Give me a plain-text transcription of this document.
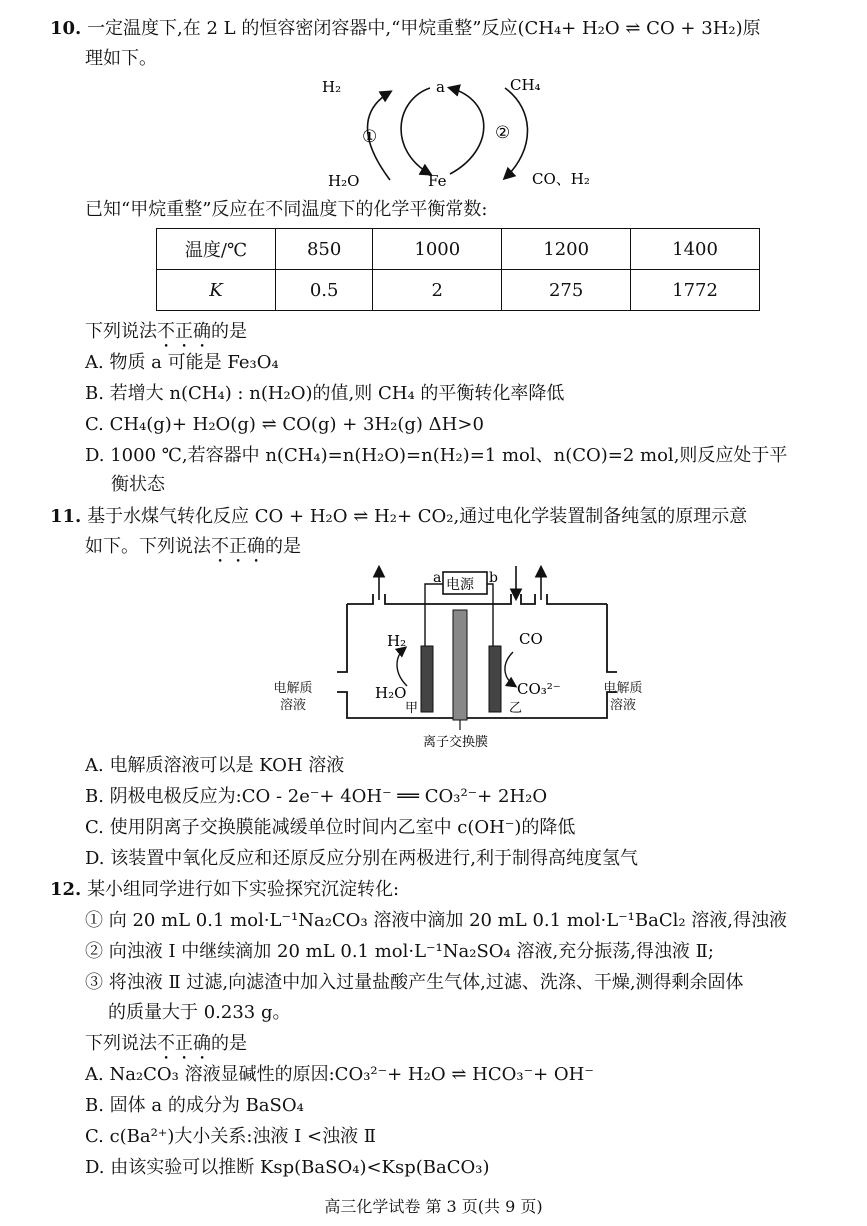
10. 一定温度下,在 2 L 的恒容密闭容器中,“甲烷重整”反应(CH₄+ H₂O ⇌ CO + 3H₂)原
理如下。
H₂	a	CH₄
①	②
H₂O	Fe	CO、H₂
已知“甲烷重整”反应在不同温度下的化学平衡常数:
温度/℃	850	1000	1200	1400
K	0.5	2	275	1772
下列说法不正确的是
A. 物质 a 可能是 Fe₃O₄
B. 若增大 n(CH₄) : n(H₂O)的值,则 CH₄ 的平衡转化率降低
C. CH₄(g)+ H₂O(g) ⇌ CO(g) + 3H₂(g) ΔH>0
D. 1000 ℃,若容器中 n(CH₄)=n(H₂O)=n(H₂)=1 mol、n(CO)=2 mol,则反应处于平
衡状态
11. 基于水煤气转化反应 CO + H₂O ⇌ H₂+ CO₂,通过电化学装置制备纯氢的原理示意
如下。下列说法不正确的是
电源
a	b
H₂	CO
H₂O	CO₃²⁻
甲	乙
离子交换膜
电解质溶液
电解质溶液
A. 电解质溶液可以是 KOH 溶液
B. 阴极电极反应为:CO - 2e⁻+ 4OH⁻ ══ CO₃²⁻+ 2H₂O
C. 使用阴离子交换膜能减缓单位时间内乙室中 c(OH⁻)的降低
D. 该装置中氧化反应和还原反应分别在两极进行,利于制得高纯度氢气
12. 某小组同学进行如下实验探究沉淀转化:
① 向 20 mL 0.1 mol·L⁻¹Na₂CO₃ 溶液中滴加 20 mL 0.1 mol·L⁻¹BaCl₂ 溶液,得浊液
② 向浊液 Ⅰ 中继续滴加 20 mL 0.1 mol·L⁻¹Na₂SO₄ 溶液,充分振荡,得浊液 Ⅱ;
③ 将浊液 Ⅱ 过滤,向滤渣中加入过量盐酸产生气体,过滤、洗涤、干燥,测得剩余固体
的质量大于 0.233 g。
下列说法不正确的是
A. Na₂CO₃ 溶液显碱性的原因:CO₃²⁻+ H₂O ⇌ HCO₃⁻+ OH⁻
B. 固体 a 的成分为 BaSO₄
C. c(Ba²⁺)大小关系:浊液 Ⅰ <浊液 Ⅱ
D. 由该实验可以推断 Ksp(BaSO₄)<Ksp(BaCO₃)
高三化学试卷 第 3 页(共 9 页)
